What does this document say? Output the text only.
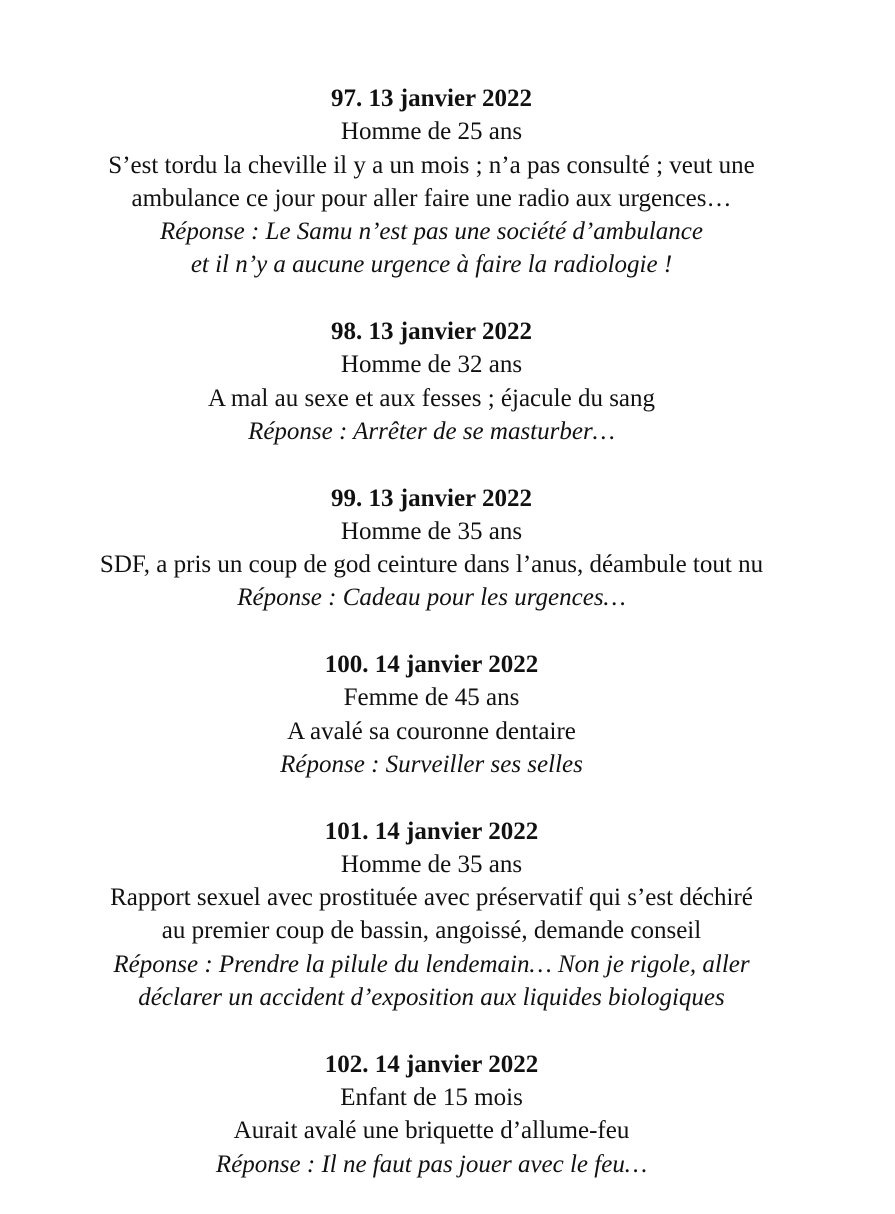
97. 13 janvier 2022

Homme de 25 ans

S’est tordu la cheville il y a un mois ; n’a pas consulté ; veut une

ambulance ce jour pour aller faire une radio aux urgences…

Réponse : Le Samu n’est pas une société d’ambulance

et il n’y a aucune urgence à faire la radiologie !

98. 13 janvier 2022

Homme de 32 ans

A mal au sexe et aux fesses ; éjacule du sang

Réponse : Arrêter de se masturber…

99. 13 janvier 2022

Homme de 35 ans

SDF, a pris un coup de god ceinture dans l’anus, déambule tout nu

Réponse : Cadeau pour les urgences…

100. 14 janvier 2022

Femme de 45 ans

A avalé sa couronne dentaire

Réponse : Surveiller ses selles

101. 14 janvier 2022

Homme de 35 ans

Rapport sexuel avec prostituée avec préservatif qui s’est déchiré

au premier coup de bassin, angoissé, demande conseil

Réponse : Prendre la pilule du lendemain… Non je rigole, aller

déclarer un accident d’exposition aux liquides biologiques

102. 14 janvier 2022

Enfant de 15 mois

Aurait avalé une briquette d’allume-feu

Réponse : Il ne faut pas jouer avec le feu…
